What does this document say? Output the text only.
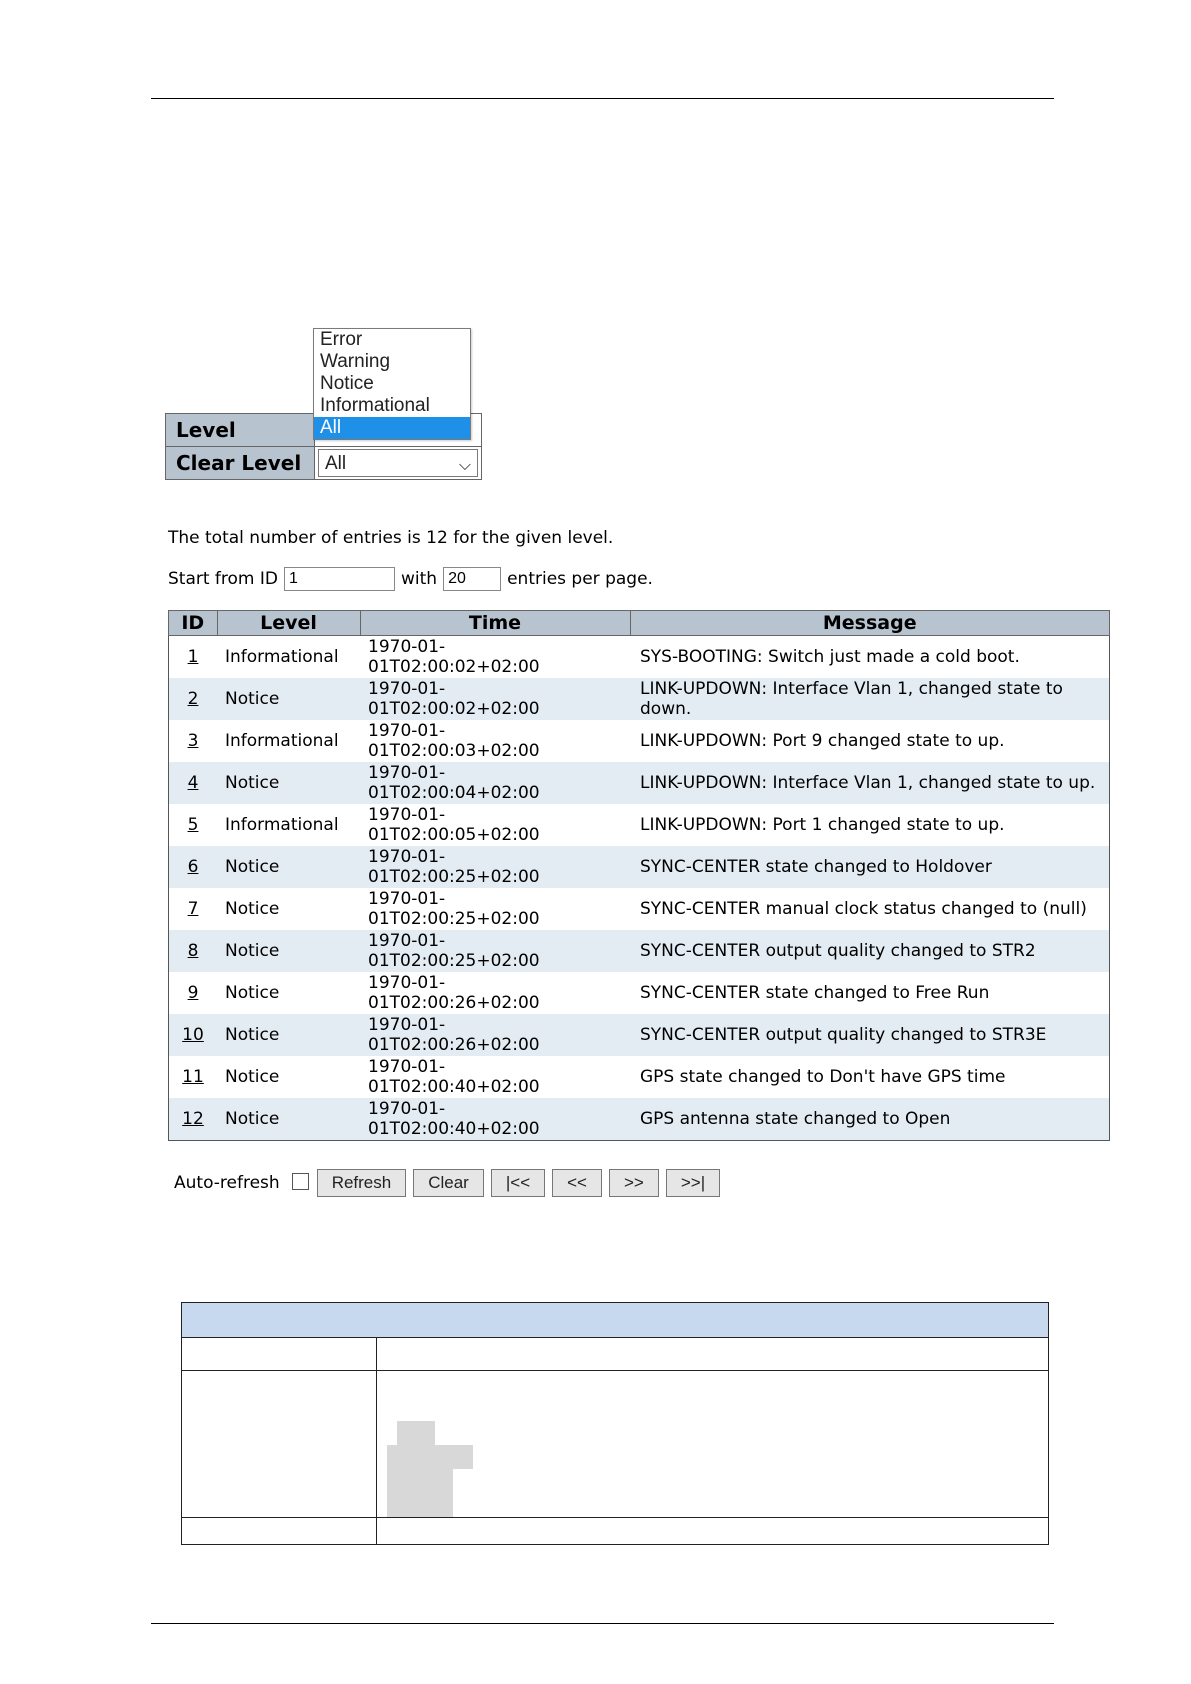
Level	
Clear Level	All ⌵
Error
Warning
Notice
Informational
All
The total number of entries is 12 for the given level.
Start from ID
1	with
20	entries per page.
ID	Level	Time	Message
1	Informational	1970-01-
01T02:00:02+02:00	SYS-BOOTING: Switch just made a cold boot.
2	Notice	1970-01-
01T02:00:02+02:00	LINK-UPDOWN: Interface Vlan 1, changed state to down.
3	Informational	1970-01-
01T02:00:03+02:00	LINK-UPDOWN: Port 9 changed state to up.
4	Notice	1970-01-
01T02:00:04+02:00	LINK-UPDOWN: Interface Vlan 1, changed state to up.
5	Informational	1970-01-
01T02:00:05+02:00	LINK-UPDOWN: Port 1 changed state to up.
6	Notice	1970-01-
01T02:00:25+02:00	SYNC-CENTER state changed to Holdover
7	Notice	1970-01-
01T02:00:25+02:00	SYNC-CENTER manual clock status changed to (null)
8	Notice	1970-01-
01T02:00:25+02:00	SYNC-CENTER output quality changed to STR2
9	Notice	1970-01-
01T02:00:26+02:00	SYNC-CENTER state changed to Free Run
10	Notice	1970-01-
01T02:00:26+02:00	SYNC-CENTER output quality changed to STR3E
11	Notice	1970-01-
01T02:00:40+02:00	GPS state changed to Don't have GPS time
12	Notice	1970-01-
01T02:00:40+02:00	GPS antenna state changed to Open
Auto-refresh	Refresh	Clear	|<<	<<	>>	>>|
